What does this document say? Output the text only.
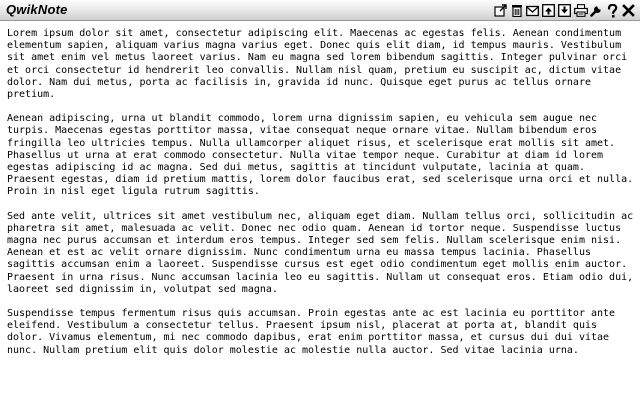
QwikNote

Lorem ipsum dolor sit amet, consectetur adipiscing elit. Maecenas ac egestas felis. Aenean condimentum
elementum sapien, aliquam varius magna varius eget. Donec quis elit diam, id tempus mauris. Vestibulum
sit amet enim vel metus laoreet varius. Nam eu magna sed lorem bibendum sagittis. Integer pulvinar orci
et orci consectetur id hendrerit leo convallis. Nullam nisl quam, pretium eu suscipit ac, dictum vitae
dolor. Nam dui metus, porta ac facilisis in, gravida id nunc. Quisque eget purus ac tellus ornare
pretium.

Aenean adipiscing, urna ut blandit commodo, lorem urna dignissim sapien, eu vehicula sem augue nec
turpis. Maecenas egestas porttitor massa, vitae consequat neque ornare vitae. Nullam bibendum eros
fringilla leo ultricies tempus. Nulla ullamcorper aliquet risus, et scelerisque erat mollis sit amet.
Phasellus ut urna at erat commodo consectetur. Nulla vitae tempor neque. Curabitur at diam id lorem
egestas adipiscing id ac magna. Sed dui metus, sagittis at tincidunt vulputate, lacinia at quam.
Praesent egestas, diam id pretium mattis, lorem dolor faucibus erat, sed scelerisque urna orci et nulla.
Proin in nisl eget ligula rutrum sagittis.

Sed ante velit, ultrices sit amet vestibulum nec, aliquam eget diam. Nullam tellus orci, sollicitudin ac
pharetra sit amet, malesuada ac velit. Donec nec odio quam. Aenean id tortor neque. Suspendisse luctus
magna nec purus accumsan et interdum eros tempus. Integer sed sem felis. Nullam scelerisque enim nisi.
Aenean et est ac velit ornare dignissim. Nunc condimentum urna eu massa tempus lacinia. Phasellus
sagittis accumsan enim a laoreet. Suspendisse cursus est eget odio condimentum eget mollis enim auctor.
Praesent in urna risus. Nunc accumsan lacinia leo eu sagittis. Nullam ut consequat eros. Etiam odio dui,
laoreet sed dignissim in, volutpat sed magna.

Suspendisse tempus fermentum risus quis accumsan. Proin egestas ante ac est lacinia eu porttitor ante
eleifend. Vestibulum a consectetur tellus. Praesent ipsum nisl, placerat at porta at, blandit quis
dolor. Vivamus elementum, mi nec commodo dapibus, erat enim porttitor massa, et cursus dui dui vitae
nunc. Nullam pretium elit quis dolor molestie ac molestie nulla auctor. Sed vitae lacinia urna.
